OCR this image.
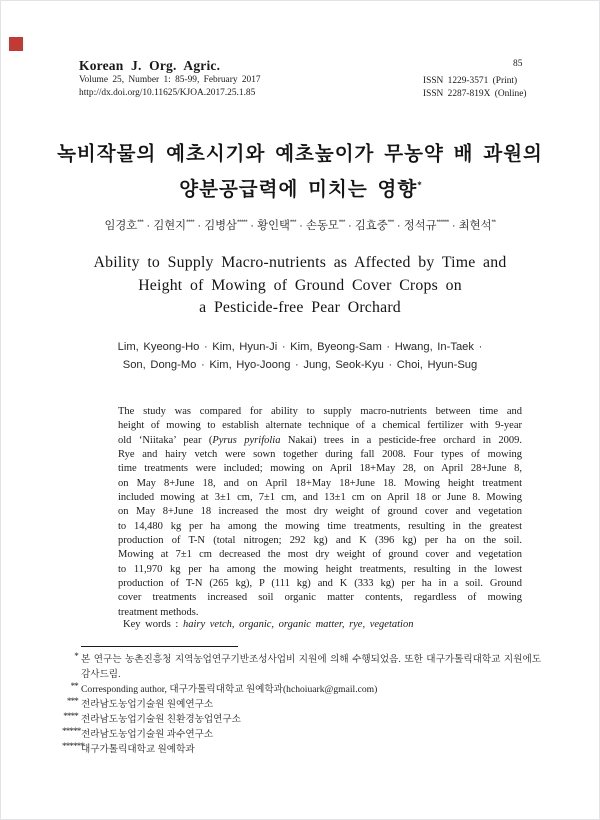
Korean J. Org. Agric.
Volume 25, Number 1: 85-99, February 2017
http://dx.doi.org/10.11625/KJOA.2017.25.1.85
85
ISSN 1229-3571 (Print)
ISSN 2287-819X (Online)
녹비작물의 예초시기와 예초높이가 무농약 배 과원의
양분공급력에 미치는 영향*
임경호*** · 김현지**** · 김병삼***** · 황인택*** · 손동모*** · 김효중*** · 정석규****** · 최현석**
Ability to Supply Macro-nutrients as Affected by Time and
Height of Mowing of Ground Cover Crops on
a Pesticide-free Pear Orchard
Lim, Kyeong-Ho · Kim, Hyun-Ji · Kim, Byeong-Sam · Hwang, In-Taek ·
Son, Dong-Mo · Kim, Hyo-Joong · Jung, Seok-Kyu · Choi, Hyun-Sug
The study was compared for ability to supply macro-nutrients between time and
height of mowing to establish alternate technique of a chemical fertilizer with 9-year
old ‘Niitaka’ pear (Pyrus pyrifolia Nakai) trees in a pesticide-free orchard in 2009.
Rye and hairy vetch were sown together during fall 2008. Four types of mowing
time treatments were included; mowing on April 18+May 28, on April 28+June 8,
on May 8+June 18, and on April 18+May 18+June 18. Mowing height treatment
included mowing at 3±1 cm, 7±1 cm, and 13±1 cm on April 18 or June 8. Mowing
on May 8+June 18 increased the most dry weight of ground cover and vegetation
to 14,480 kg per ha among the mowing time treatments, resulting in the greatest
production of T-N (total nitrogen; 292 kg) and K (396 kg) per ha on the soil.
Mowing at 7±1 cm decreased the most dry weight of ground cover and vegetation
to 11,970 kg per ha among the mowing height treatments, resulting in the lowest
production of T-N (265 kg), P (111 kg) and K (333 kg) per ha in a soil. Ground
cover treatments increased soil organic matter contents, regardless of mowing
treatment methods.
Key words : hairy vetch, organic, organic matter, rye, vegetation
* 본 연구는 농촌진흥청 지역농업연구기반조성사업비 지원에 의해 수행되었음. 또한 대구가톨릭대학교 지원에도 감사드림.
** Corresponding author, 대구가톨릭대학교 원예학과(hchoiuark@gmail.com)
*** 전라남도농업기술원 원예연구소
**** 전라남도농업기술원 친환경농업연구소
***** 전라남도농업기술원 과수연구소
******
대구가톨릭대학교 원예학과
